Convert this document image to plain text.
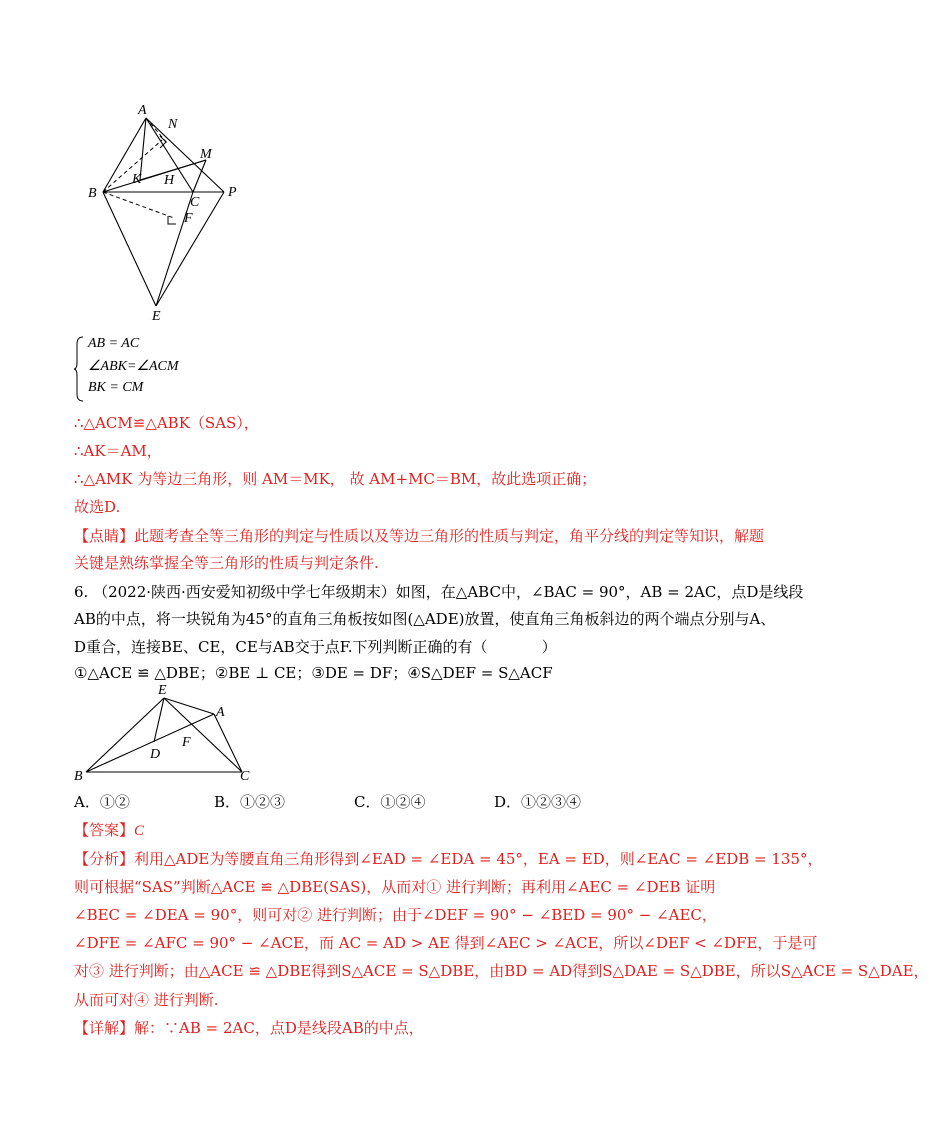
A
N
M
B
K H
C
P
F
E
AB = AC
∠ABK=∠ACM
BK = CM
∴△ACM≌△ABK（SAS），
∴AK＝AM，
∴△AMK 为等边三角形，则 AM＝MK， 故 AM+MC＝BM，故此选项正确；
故选D.
【点睛】此题考查全等三角形的判定与性质以及等边三角形的性质与判定，角平分线的判定等知识，解题
关键是熟练掌握全等三角形的性质与判定条件.
6. （2022·陕西·西安爱知初级中学七年级期末）如图，在△ABC中，∠BAC = 90°，AB = 2AC，点D是线段
AB的中点，将一块锐角为45°的直角三角板按如图(△ADE)放置，使直角三角板斜边的两个端点分别与A、
D重合，连接BE、CE，CE与AB交于点F.下列判断正确的有（	）
①△ACE ≌ △DBE；②BE ⊥ CE；③DE = DF；④S△DEF = S△ACF
E
A
F
D
B	C
A．①②	B．①②③	C．①②④	D．①②③④
【答案】C
【分析】利用△ADE为等腰直角三角形得到∠EAD = ∠EDA = 45°，EA = ED，则∠EAC = ∠EDB = 135°，
则可根据“SAS”判断△ACE ≌ △DBE(SAS)，从而对① 进行判断；再利用∠AEC = ∠DEB 证明
∠BEC = ∠DEA = 90°，则可对② 进行判断；由于∠DEF = 90° − ∠BED = 90° − ∠AEC，
∠DFE = ∠AFC = 90° − ∠ACE，而 AC = AD > AE 得到∠AEC > ∠ACE，所以∠DEF < ∠DFE，于是可
对③ 进行判断；由△ACE ≌ △DBE得到S△ACE = S△DBE，由BD = AD得到S△DAE = S△DBE，所以S△ACE = S△DAE，
从而可对④ 进行判断.
【详解】解：∵AB = 2AC，点D是线段AB的中点，
